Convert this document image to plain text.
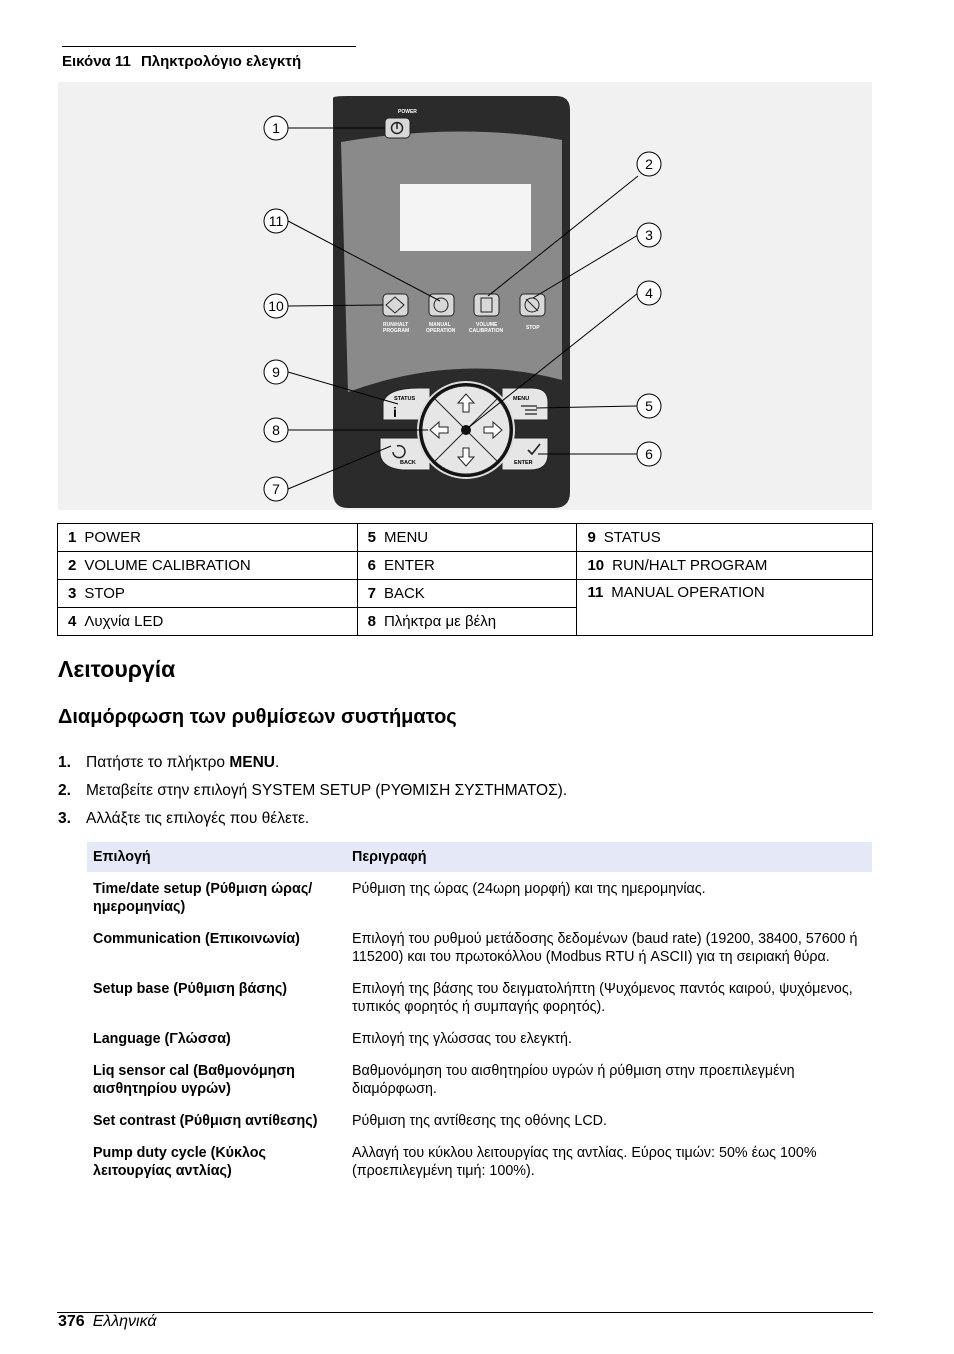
Εικόνα 11 Πληκτρολόγιο ελεγκτή
POWER
RUN/HALT
PROGRAM
MANUAL
OPERATION
VOLUME
CALIBRATION	STOP
STATUS
i
MENU
BACK	ENTER
1
2
3
4
5
6
7
8
9
10
11
1 POWER	5 MENU	9 STATUS
2 VOLUME CALIBRATION	6 ENTER	10 RUN/HALT PROGRAM
3 STOP	7 BACK	11 MANUAL OPERATION
4 Λυχνία LED	8 Πλήκτρα με βέλη	
Λειτουργία
Διαμόρφωση των ρυθμίσεων συστήματος
1. Πατήστε το πλήκτρο MENU.
2. Μεταβείτε στην επιλογή SYSTEM SETUP (ΡΥΘΜΙΣΗ ΣΥΣΤΗΜΑΤΟΣ).
3. Αλλάξτε τις επιλογές που θέλετε.
Επιλογή	Περιγραφή
Time/date setup (Ρύθμιση ώρας/ημερομηνίας)	Ρύθμιση της ώρας (24ωρη μορφή) και της ημερομηνίας.
Communication (Επικοινωνία)	Επιλογή του ρυθμού μετάδοσης δεδομένων (baud rate) (19200, 38400, 57600 ή 115200) και του πρωτοκόλλου (Modbus RTU ή ASCII) για τη σειριακή θύρα.
Setup base (Ρύθμιση βάσης)	Επιλογή της βάσης του δειγματολήπτη (Ψυχόμενος παντός καιρού, ψυχόμενος, τυπικός φορητός ή συμπαγής φορητός).
Language (Γλώσσα)	Επιλογή της γλώσσας του ελεγκτή.
Liq sensor cal (Βαθμονόμηση αισθητηρίου υγρών)	Βαθμονόμηση του αισθητηρίου υγρών ή ρύθμιση στην προεπιλεγμένη διαμόρφωση.
Set contrast (Ρύθμιση αντίθεσης)	Ρύθμιση της αντίθεσης της οθόνης LCD.
Pump duty cycle (Κύκλος λειτουργίας αντλίας)	Αλλαγή του κύκλου λειτουργίας της αντλίας. Εύρος τιμών: 50% έως 100% (προεπιλεγμένη τιμή: 100%).
376 Ελληνικά
